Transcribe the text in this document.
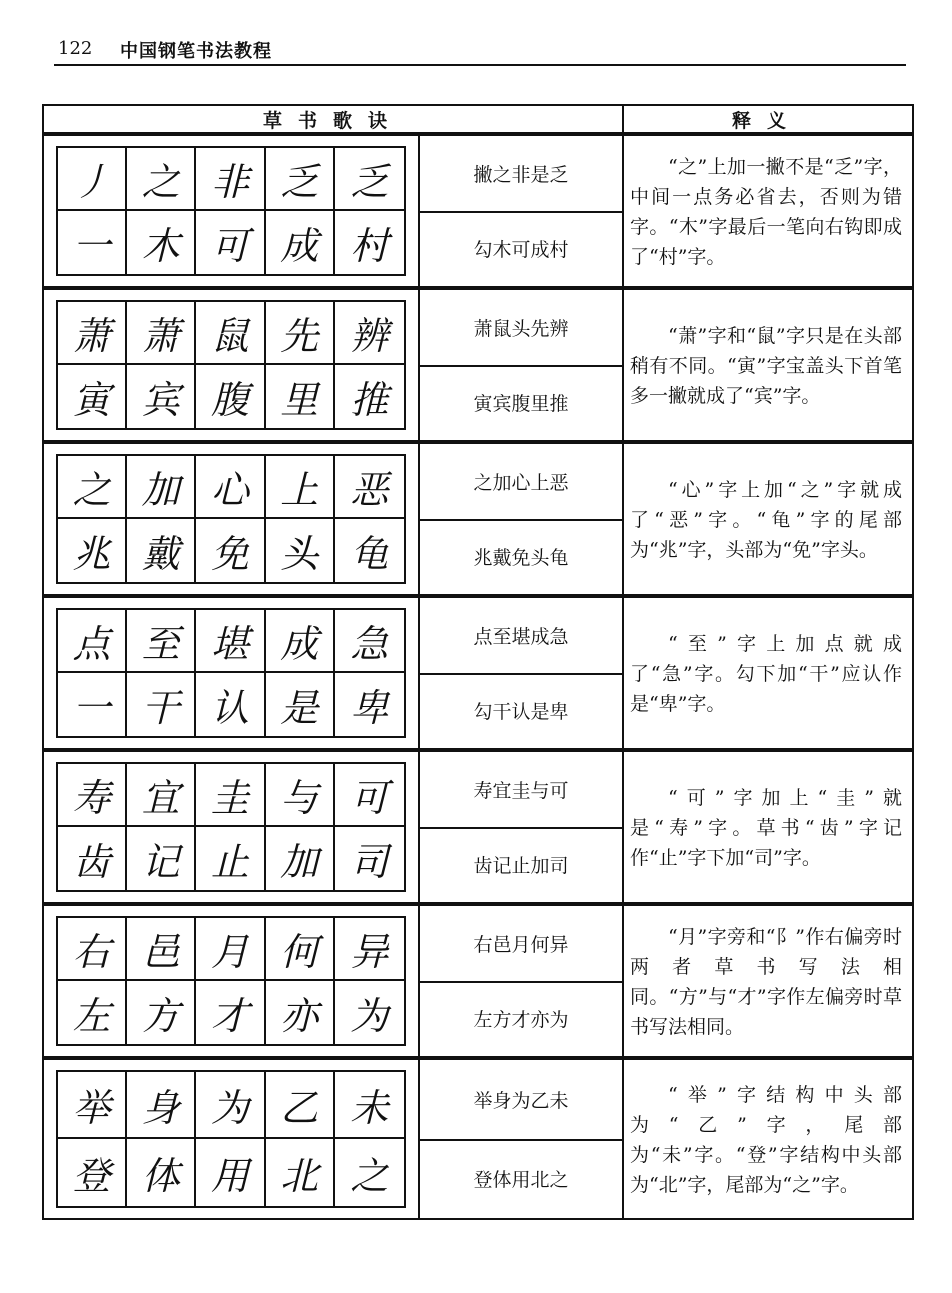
122 中国钢笔书法教程
草书歌诀	释义
丿 之 非 乏 乏
一 木 可 成 村
撇之非是乏
勾木可成村
“之”上加一撇不是“乏”字，中间一点务必省去，否则为错字。“木”字最后一笔向右钩即成了“村”字。
萧 萧 鼠 先 辨
寅 宾 腹 里 推
萧鼠头先辨
寅宾腹里推
“萧”字和“鼠”字只是在头部稍有不同。“寅”字宝盖头下首笔多一撇就成了“宾”字。
之 加 心 上 恶
兆 戴 免 头 龟
之加心上恶
兆戴免头龟
“心”字上加“之”字就成了“恶”字。“龟”字的尾部为“兆”字，头部为“免”字头。
点 至 堪 成 急
一 干 认 是 卑
点至堪成急
勾干认是卑
“至”字上加点就成了“急”字。勾下加“干”应认作是“卑”字。
寿 宜 圭 与 可
齿 记 止 加 司
寿宜圭与可
齿记止加司
“可”字加上“圭”就是“寿”字。草书“齿”字记作“止”字下加“司”字。
右 邑 月 何 异
左 方 才 亦 为
右邑月何异
左方才亦为
“月”字旁和“阝”作右偏旁时两者草书写法相同。“方”与“才”字作左偏旁时草书写法相同。
举 身 为 乙 未
登 体 用 北 之
举身为乙未
登体用北之
“举”字结构中头部为“乙”字，尾部为“未”字。“登”字结构中头部为“北”字，尾部为“之”字。
